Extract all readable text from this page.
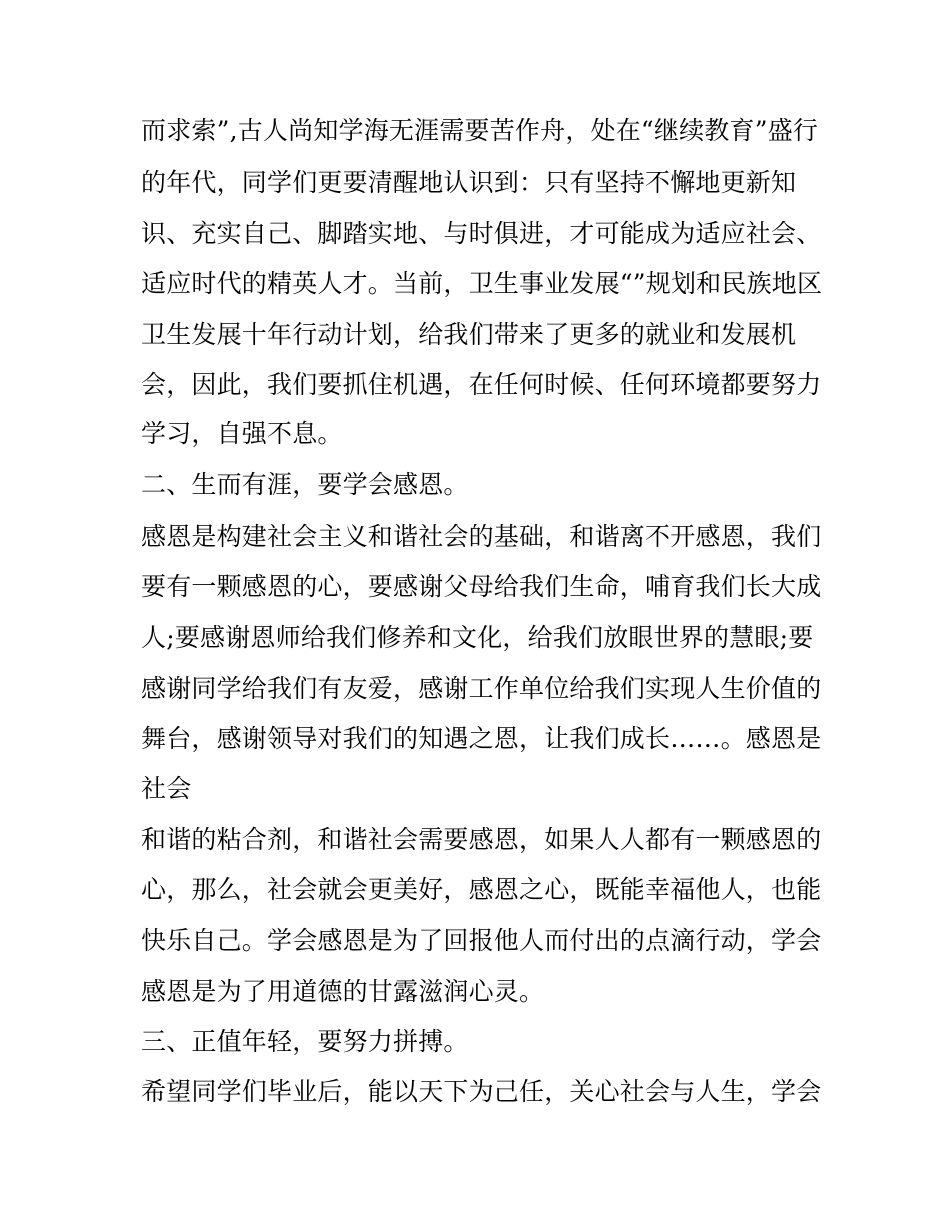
而求索”,古人尚知学海无涯需要苦作舟，处在“继续教育”盛行

的年代，同学们更要清醒地认识到：只有坚持不懈地更新知

识、充实自己、脚踏实地、与时俱进，才可能成为适应社会、

适应时代的精英人才。当前，卫生事业发展“”规划和民族地区

卫生发展十年行动计划，给我们带来了更多的就业和发展机

会，因此，我们要抓住机遇，在任何时候、任何环境都要努力

学习，自强不息。

二、生而有涯，要学会感恩。

感恩是构建社会主义和谐社会的基础，和谐离不开感恩，我们

要有一颗感恩的心，要感谢父母给我们生命，哺育我们长大成

人;要感谢恩师给我们修养和文化，给我们放眼世界的慧眼;要

感谢同学给我们有友爱，感谢工作单位给我们实现人生价值的

舞台，感谢领导对我们的知遇之恩，让我们成长……。感恩是

社会

和谐的粘合剂，和谐社会需要感恩，如果人人都有一颗感恩的

心，那么，社会就会更美好，感恩之心，既能幸福他人，也能

快乐自己。学会感恩是为了回报他人而付出的点滴行动，学会

感恩是为了用道德的甘露滋润心灵。

三、正值年轻，要努力拼搏。

希望同学们毕业后，能以天下为己任，关心社会与人生，学会
